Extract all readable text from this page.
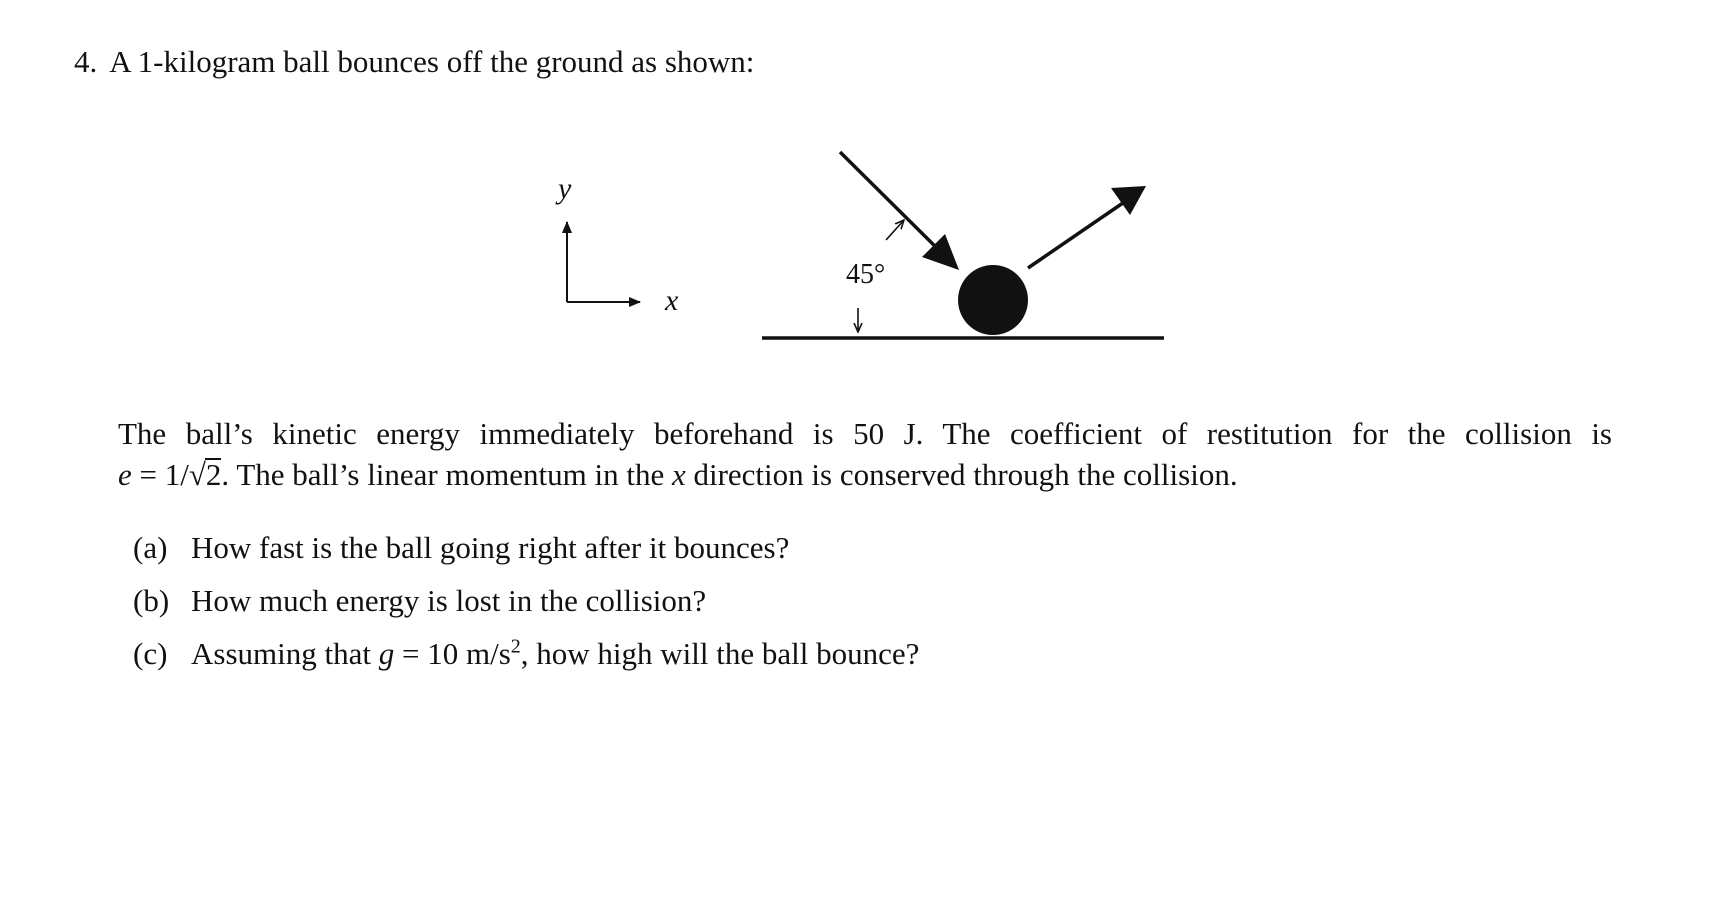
4. A 1-kilogram ball bounces off the ground as shown:
y
x
45°
The ball’s kinetic energy immediately beforehand is 50 J. The coefficient of restitution for the collision is
e = 1/√2. The ball’s linear momentum in the x direction is conserved through the collision.
(a) How fast is the ball going right after it bounces?
(b) How much energy is lost in the collision?
(c) Assuming that g = 10 $m/s^2$, how high will the ball bounce?
